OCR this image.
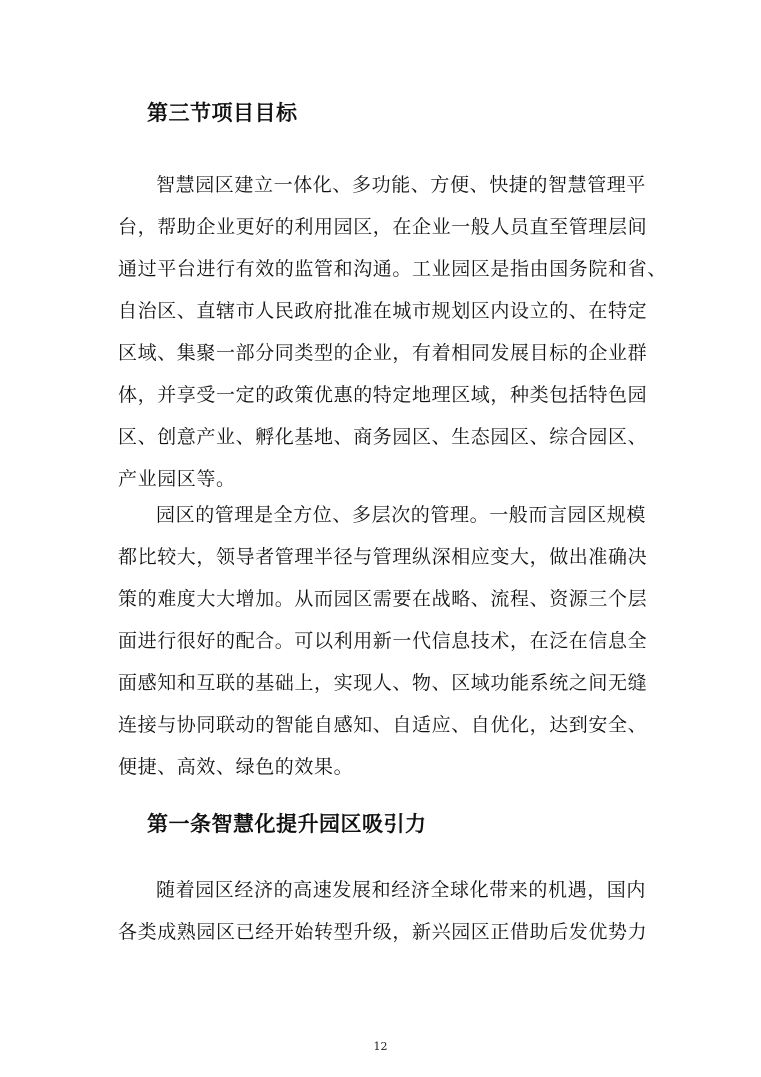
第三节项目目标
智慧园区建立一体化、多功能、方便、快捷的智慧管理平
台，帮助企业更好的利用园区，在企业一般人员直至管理层间
通过平台进行有效的监管和沟通。工业园区是指由国务院和省、
自治区、直辖市人民政府批准在城市规划区内设立的、在特定
区域、集聚一部分同类型的企业，有着相同发展目标的企业群
体，并享受一定的政策优惠的特定地理区域，种类包括特色园
区、创意产业、孵化基地、商务园区、生态园区、综合园区、
产业园区等。
园区的管理是全方位、多层次的管理。一般而言园区规模
都比较大，领导者管理半径与管理纵深相应变大，做出准确决
策的难度大大增加。从而园区需要在战略、流程、资源三个层
面进行很好的配合。可以利用新一代信息技术，在泛在信息全
面感知和互联的基础上，实现人、物、区域功能系统之间无缝
连接与协同联动的智能自感知、自适应、自优化，达到安全、
便捷、高效、绿色的效果。
第一条智慧化提升园区吸引力
随着园区经济的高速发展和经济全球化带来的机遇，国内
各类成熟园区已经开始转型升级，新兴园区正借助后发优势力
12
